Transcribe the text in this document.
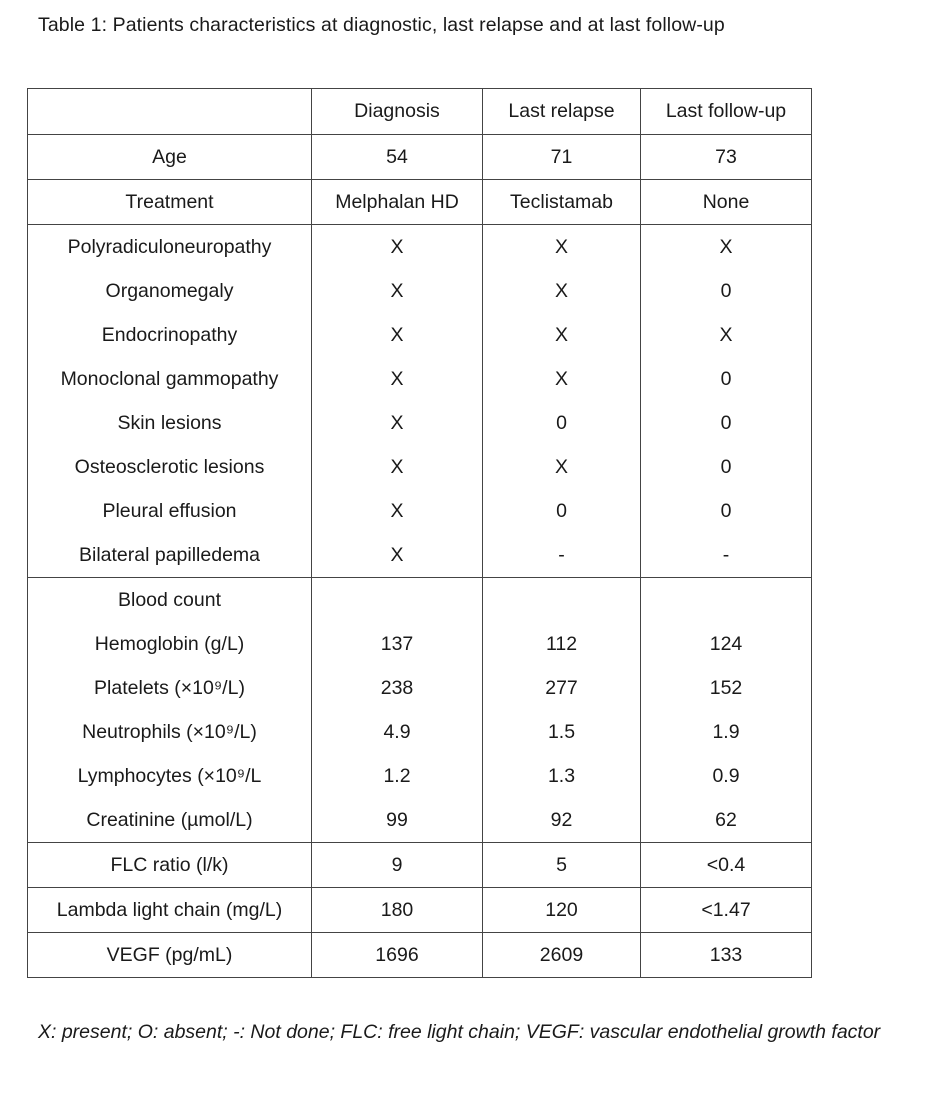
Table 1: Patients characteristics at diagnostic, last relapse and at last follow-up
	Diagnosis	Last relapse	Last follow-up
Age	54	71	73
Treatment	Melphalan HD	Teclistamab	None
Polyradiculoneuropathy	X	X	X
Organomegaly	X	X	0
Endocrinopathy	X	X	X
Monoclonal gammopathy	X	X	0
Skin lesions	X	0	0
Osteosclerotic lesions	X	X	0
Pleural effusion	X	0	0
Bilateral papilledema	X	-	-
Blood count			
Hemoglobin (g/L)	137	112	124
Platelets (×10⁹/L)	238	277	152
Neutrophils (×10⁹/L)	4.9	1.5	1.9
Lymphocytes (×10⁹/L	1.2	1.3	0.9
Creatinine (µmol/L)	99	92	62
FLC ratio (l/k)	9	5	<0.4
Lambda light chain (mg/L)	180	120	<1.47
VEGF (pg/mL)	1696	2609	133
X: present; O: absent; -: Not done; FLC: free light chain; VEGF: vascular endothelial growth factor
